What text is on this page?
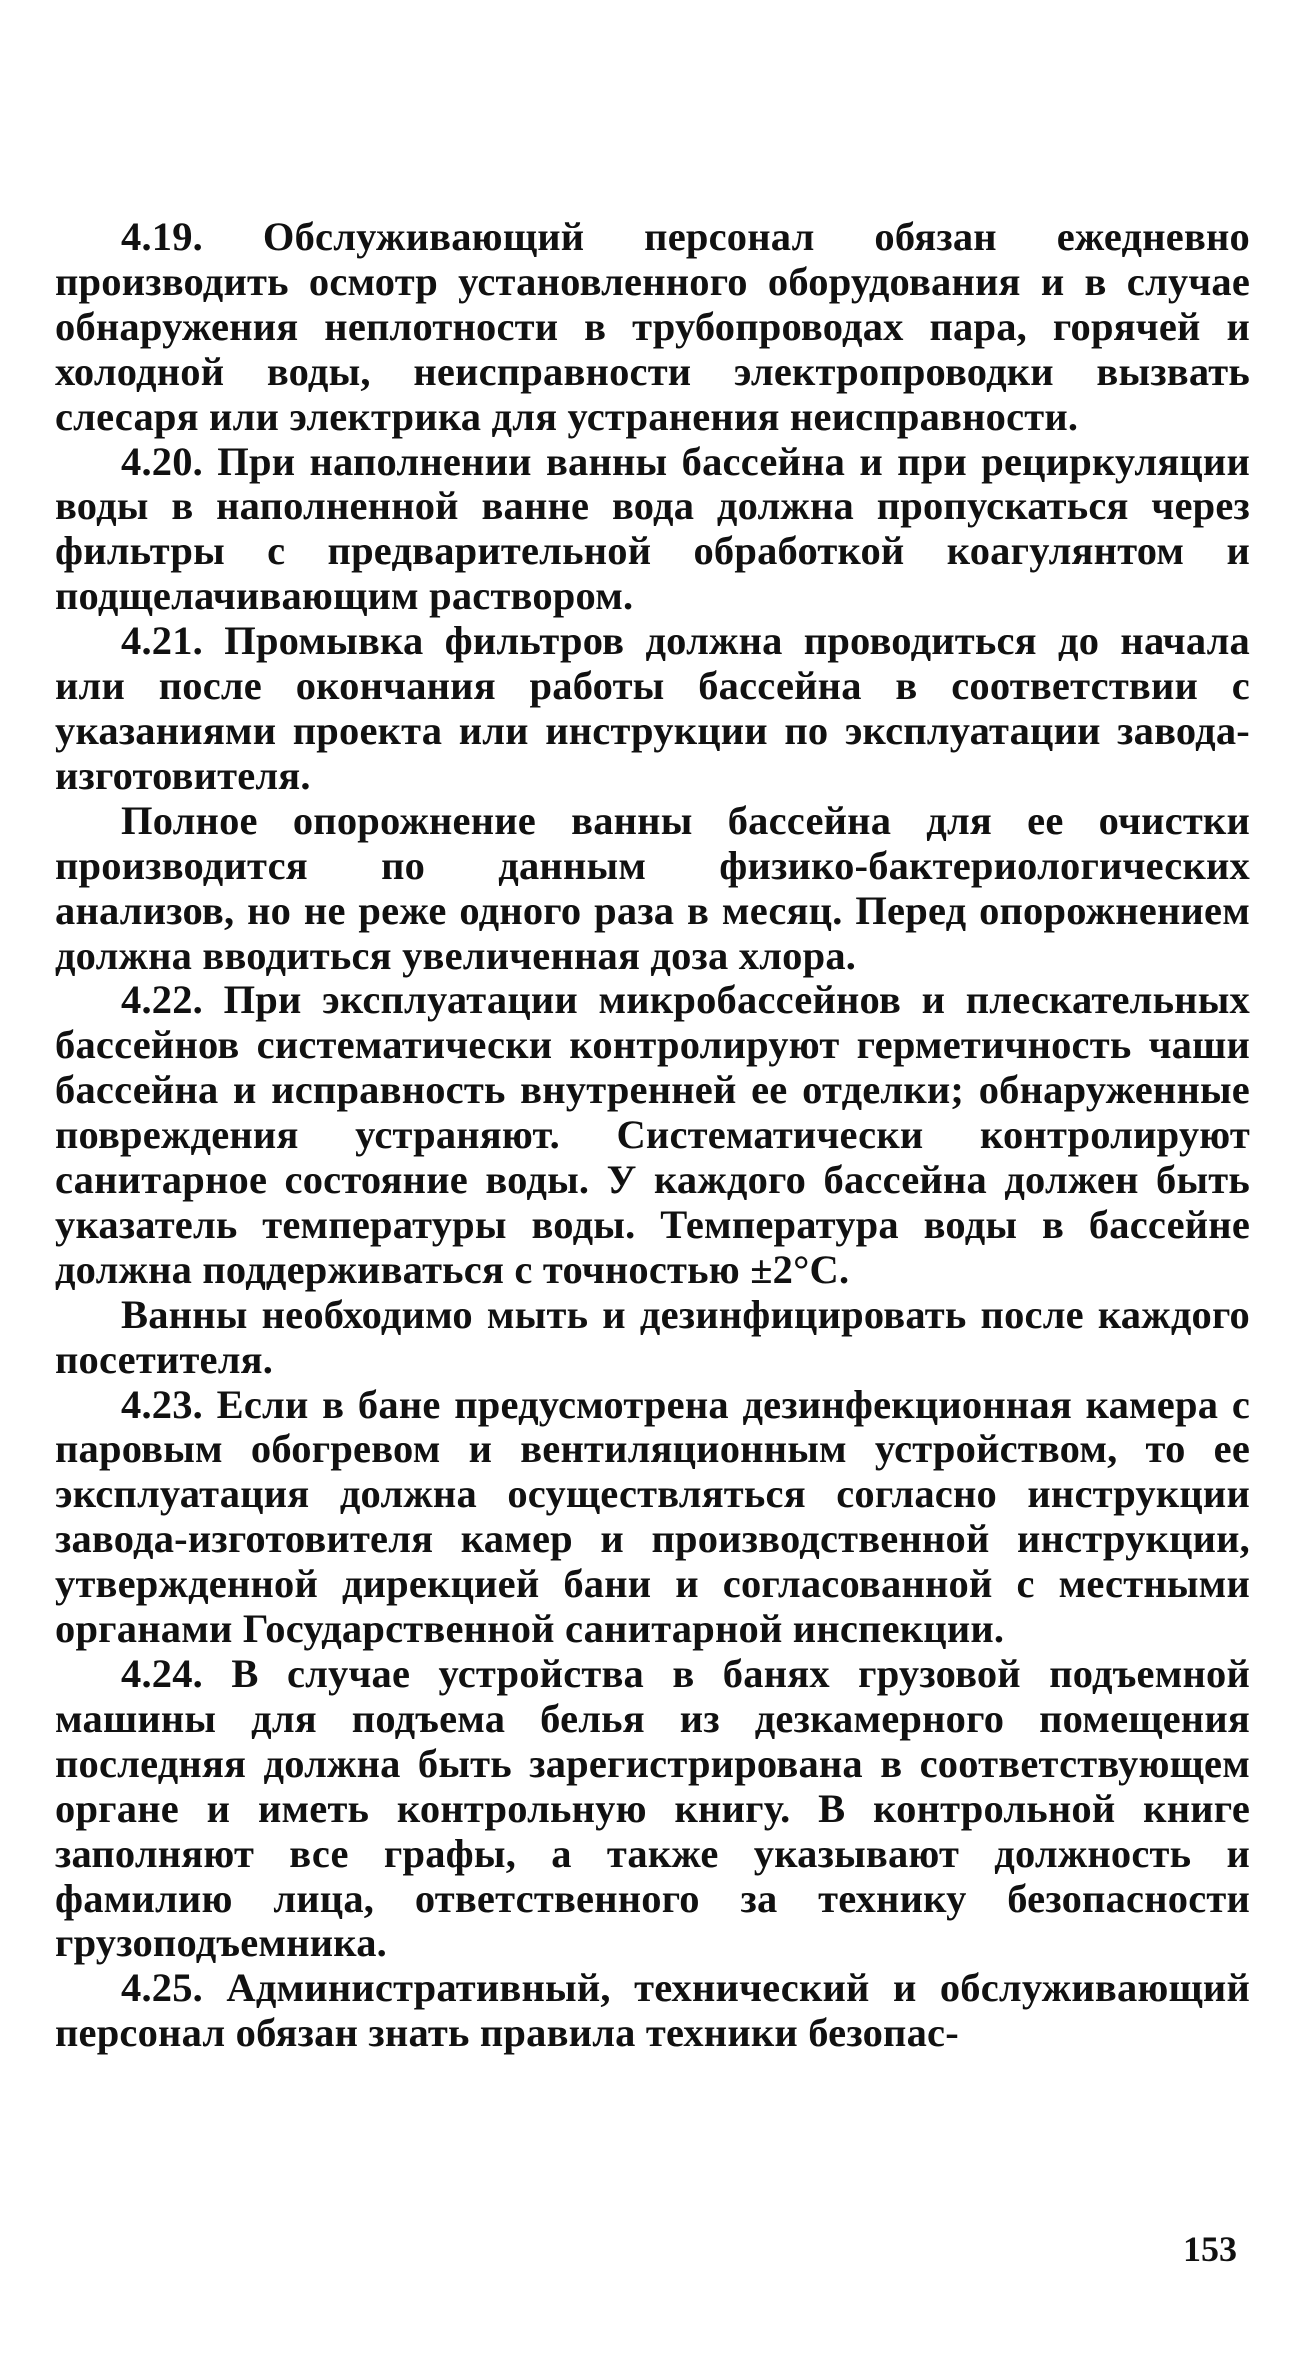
4.19. Обслуживающий персонал обязан ежедневно производить осмотр установленного оборудования и в случае обнаружения неплотности в трубопроводах пара, горячей и холодной воды, неисправности электропроводки вызвать слесаря или электрика для устранения неисправности.

4.20. При наполнении ванны бассейна и при рециркуляции воды в наполненной ванне вода должна пропускаться через фильтры с предварительной обработкой коагулянтом и подщелачивающим раствором.

4.21. Промывка фильтров должна проводиться до начала или после окончания работы бассейна в соответствии с указаниями проекта или инструкции по эксплуатации завода-изготовителя.

Полное опорожнение ванны бассейна для ее очистки производится по данным физико-бактериологических анализов, но не реже одного раза в месяц. Перед опорожнением должна вводиться увеличенная доза хлора.

4.22. При эксплуатации микробассейнов и плескательных бассейнов систематически контролируют герметичность чаши бассейна и исправность внутренней ее отделки; обнаруженные повреждения устраняют. Систематически контролируют санитарное состояние воды. У каждого бассейна должен быть указатель температуры воды. Температура воды в бассейне должна поддерживаться с точностью ±2°С.

Ванны необходимо мыть и дезинфицировать после каждого посетителя.

4.23. Если в бане предусмотрена дезинфекционная камера с паровым обогревом и вентиляционным устройством, то ее эксплуатация должна осуществляться согласно инструкции завода-изготовителя камер и производственной инструкции, утвержденной дирекцией бани и согласованной с местными органами Государственной санитарной инспекции.

4.24. В случае устройства в банях грузовой подъемной машины для подъема белья из дезкамерного помещения последняя должна быть зарегистрирована в соответствующем органе и иметь контрольную книгу. В контрольной книге заполняют все графы, а также указывают должность и фамилию лица, ответственного за технику безопасности грузоподъемника.

4.25. Административный, технический и обслуживающий персонал обязан знать правила техники безопас-

153
